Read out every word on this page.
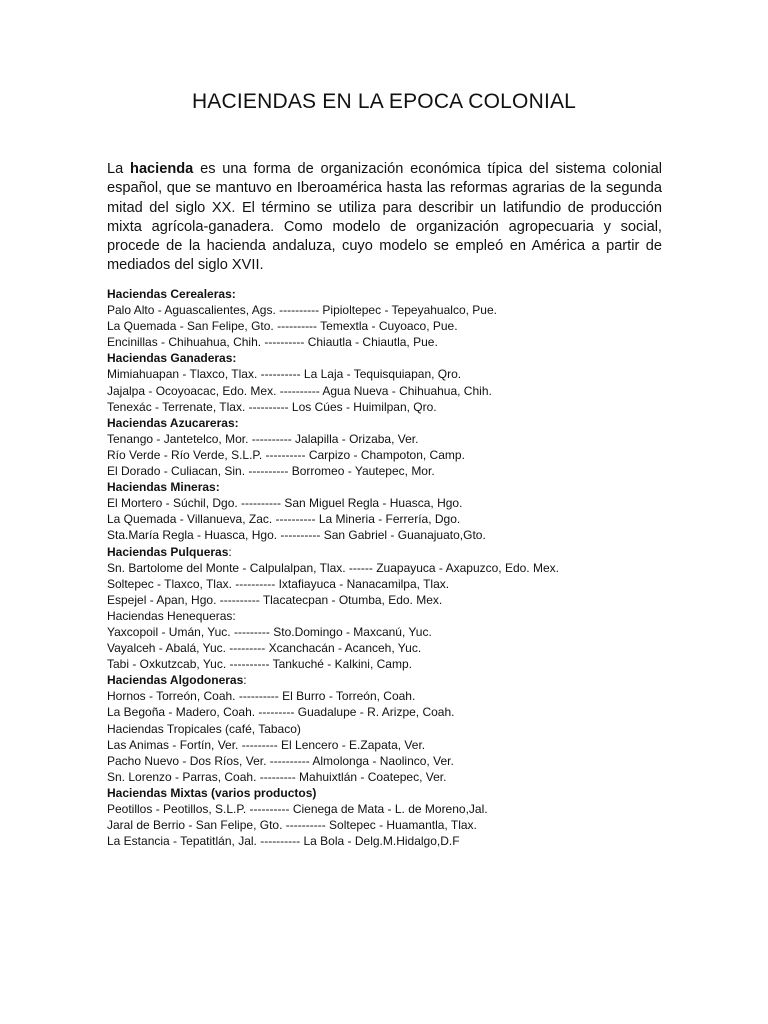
HACIENDAS EN LA EPOCA COLONIAL

La hacienda es una forma de organización económica típica del sistema colonial español, que se mantuvo en Iberoamérica hasta las reformas agrarias de la segunda mitad del siglo XX. El término se utiliza para describir un latifundio de producción mixta agrícola-ganadera. Como modelo de organización agropecuaria y social, procede de la hacienda andaluza, cuyo modelo se empleó en América a partir de mediados del siglo XVII.

Haciendas Cerealeras:
Palo Alto - Aguascalientes, Ags. ---------- Pipioltepec - Tepeyahualco, Pue.
La Quemada - San Felipe, Gto. ---------- Temextla - Cuyoaco, Pue.
Encinillas - Chihuahua, Chih. ---------- Chiautla - Chiautla, Pue.
Haciendas Ganaderas:
Mimiahuapan - Tlaxco, Tlax. ---------- La Laja - Tequisquiapan, Qro.
Jajalpa - Ocoyoacac, Edo. Mex. ---------- Agua Nueva - Chihuahua, Chih.
Tenexác - Terrenate, Tlax. ---------- Los Cúes - Huimilpan, Qro.
Haciendas Azucareras:
Tenango - Jantetelco, Mor. ---------- Jalapilla - Orizaba, Ver.
Río Verde - Río Verde, S.L.P. ---------- Carpizo - Champoton, Camp.
El Dorado - Culiacan, Sin. ---------- Borromeo - Yautepec, Mor.
Haciendas Mineras:
El Mortero - Súchil, Dgo. ---------- San Miguel Regla - Huasca, Hgo.
La Quemada - Villanueva, Zac. ---------- La Mineria - Ferrería, Dgo.
Sta.María Regla - Huasca, Hgo. ---------- San Gabriel - Guanajuato,Gto.
Haciendas Pulqueras:
Sn. Bartolome del Monte - Calpulalpan, Tlax. ------ Zuapayuca - Axapuzco, Edo. Mex.
Soltepec - Tlaxco, Tlax. ---------- Ixtafiayuca - Nanacamilpa, Tlax.
Espejel - Apan, Hgo. ---------- Tlacatecpan - Otumba, Edo. Mex.
Haciendas Henequeras:
Yaxcopoil - Umán, Yuc. --------- Sto.Domingo - Maxcanú, Yuc.
Vayalceh - Abalá, Yuc. --------- Xcanchacán - Acanceh, Yuc.
Tabi - Oxkutzcab, Yuc. ---------- Tankuché - Kalkini, Camp.
Haciendas Algodoneras:
Hornos - Torreón, Coah. ---------- El Burro - Torreón, Coah.
La Begoña - Madero, Coah. --------- Guadalupe - R. Arizpe, Coah.
Haciendas Tropicales (café, Tabaco)
Las Animas - Fortín, Ver. --------- El Lencero - E.Zapata, Ver.
Pacho Nuevo - Dos Ríos, Ver. ---------- Almolonga - Naolinco, Ver.
Sn. Lorenzo - Parras, Coah. --------- Mahuixtlán - Coatepec, Ver.
Haciendas Mixtas (varios productos)
Peotillos - Peotillos, S.L.P. ---------- Cienega de Mata - L. de Moreno,Jal.
Jaral de Berrio - San Felipe, Gto. ---------- Soltepec - Huamantla, Tlax.
La Estancia - Tepatitlán, Jal. ---------- La Bola - Delg.M.Hidalgo,D.F
